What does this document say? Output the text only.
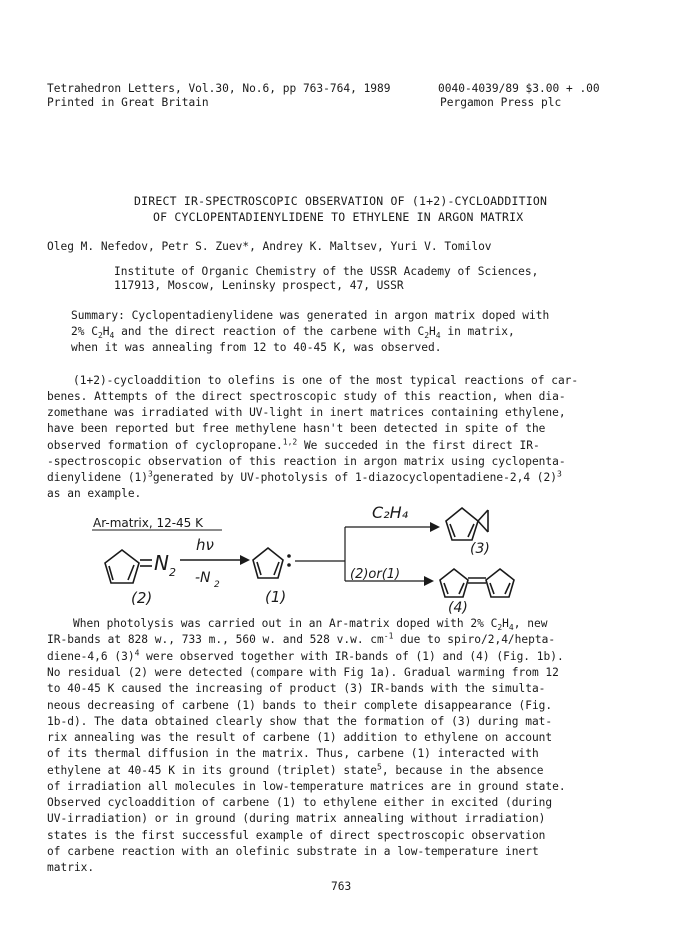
Tetrahedron Letters, Vol.30, No.6, pp 763-764, 1989	0040-4039/89 $3.00 + .00
Printed in Great Britain	Pergamon Press plc
DIRECT IR-SPECTROSCOPIC OBSERVATION OF (1+2)-CYCLOADDITION
OF CYCLOPENTADIENYLIDENE TO ETHYLENE IN ARGON MATRIX
Oleg M. Nefedov, Petr S. Zuev*, Andrey K. Maltsev, Yuri V. Tomilov
Institute of Organic Chemistry of the USSR Academy of Sciences,
117913, Moscow, Leninsky prospect, 47, USSR
Summary: Cyclopentadienylidene was generated in argon matrix doped with
2% $C_2H_4$ and the direct reaction of the carbene with $C_2H_4$ in matrix,
when it was annealing from 12 to 40-45 K, was observed.
(1+2)-cycloaddition to olefins is one of the most typical reactions of car-
benes. Attempts of the direct spectroscopic study of this reaction, when dia-
zomethane was irradiated with UV-light in inert matrices containing ethylene,
have been reported but free methylene hasn't been detected in spite of the
observed formation of cyclopropane.$^{1,2}$ We succeded in the first direct IR-
-spectroscopic observation of this reaction in argon matrix using cyclopenta-
dienylidene $(1)^3generated$ by UV-photolysis of 1-diazocyclopentadiene-2,4 $(2)^3$
as an example.
Ar-matrix, 12-45 K
N 2
hν
-N 2
(2)	(1)
C₂H₄
(2)or(1)
(3)
(4)
When photolysis was carried out in an Ar-matrix doped with 2% $C_2H_4$, new
IR-bands at 828 w., 733 m., 560 w. and 528 v.w. $cm^{-1}$ due to spiro/2,4/hepta-
diene-4,6 $(3)^4$ were observed together with IR-bands of (1) and (4) (Fig. 1b).
No residual (2) were detected (compare with Fig 1a). Gradual warming from 12
to 40-45 K caused the increasing of product (3) IR-bands with the simulta-
neous decreasing of carbene (1) bands to their complete disappearance (Fig.
1b-d). The data obtained clearly show that the formation of (3) during mat-
rix annealing was the result of carbene (1) addition to ethylene on account
of its thermal diffusion in the matrix. Thus, carbene (1) interacted with
ethylene at 40-45 K in its ground (triplet) state$^5$, because in the absence
of irradiation all molecules in low-temperature matrices are in ground state.
Observed cycloaddition of carbene (1) to ethylene either in excited (during
UV-irradiation) or in ground (during matrix annealing without irradiation)
states is the first successful example of direct spectroscopic observation
of carbene reaction with an olefinic substrate in a low-temperature inert
matrix.
763
